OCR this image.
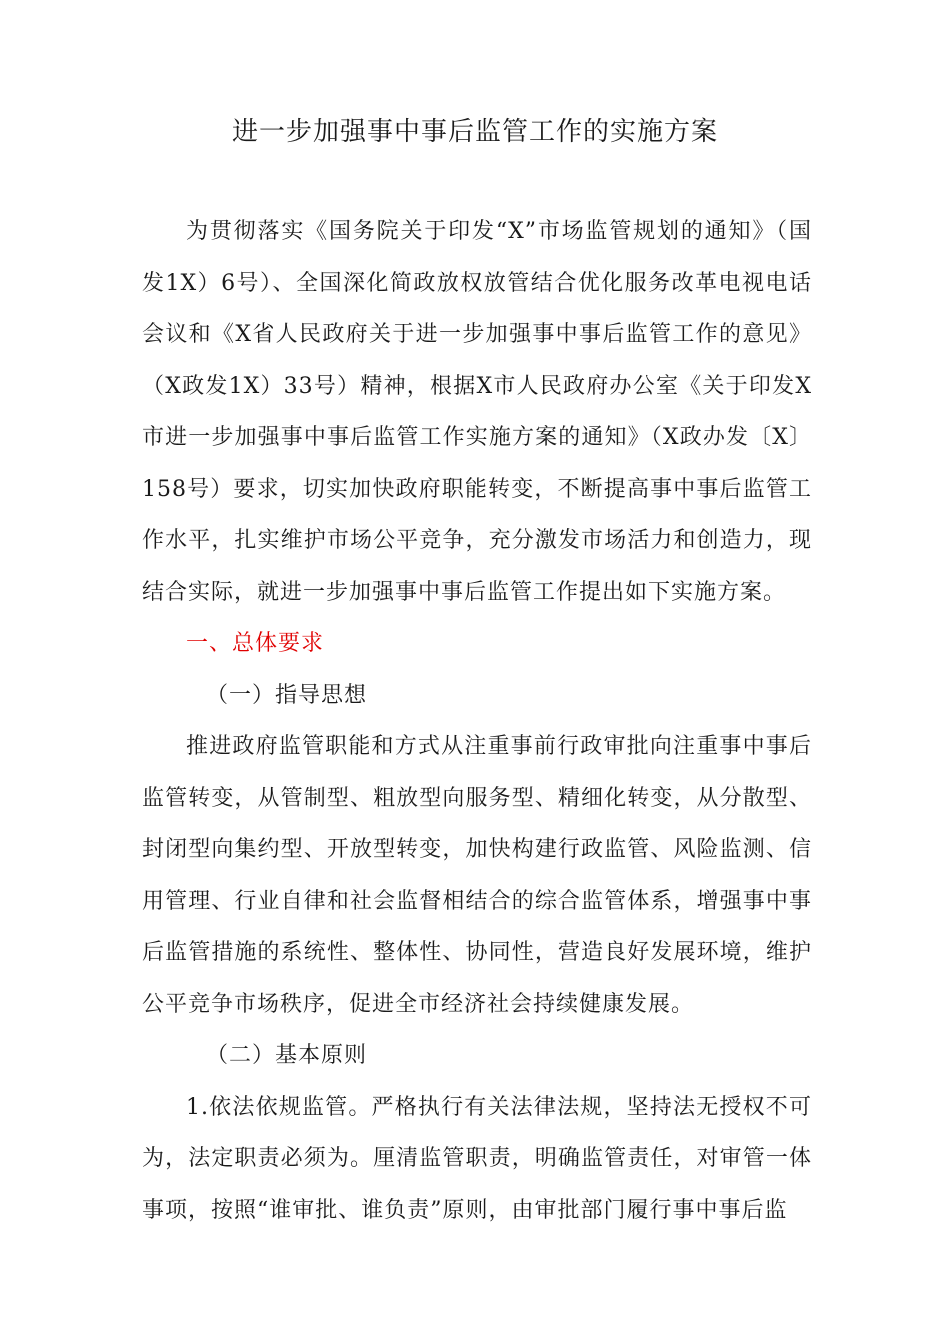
进一步加强事中事后监管工作的实施方案

为贯彻落实《国务院关于印发“X”市场监管规划的通知》（国发1X）6号）、全国深化简政放权放管结合优化服务改革电视电话会议和《X省人民政府关于进一步加强事中事后监管工作的意见》（X政发1X）33号）精神，根据X市人民政府办公室《关于印发X市进一步加强事中事后监管工作实施方案的通知》（X政办发〔X〕158号）要求，切实加快政府职能转变，不断提高事中事后监管工作水平，扎实维护市场公平竞争，充分激发市场活力和创造力，现结合实际，就进一步加强事中事后监管工作提出如下实施方案。

一、总体要求

（一）指导思想

推进政府监管职能和方式从注重事前行政审批向注重事中事后监管转变，从管制型、粗放型向服务型、精细化转变，从分散型、封闭型向集约型、开放型转变，加快构建行政监管、风险监测、信用管理、行业自律和社会监督相结合的综合监管体系，增强事中事后监管措施的系统性、整体性、协同性，营造良好发展环境，维护公平竞争市场秩序，促进全市经济社会持续健康发展。

（二）基本原则

1.依法依规监管。严格执行有关法律法规，坚持法无授权不可为，法定职责必须为。厘清监管职责，明确监管责任，对审管一体事项，按照“谁审批、谁负责”原则，由审批部门履行事中事后监
